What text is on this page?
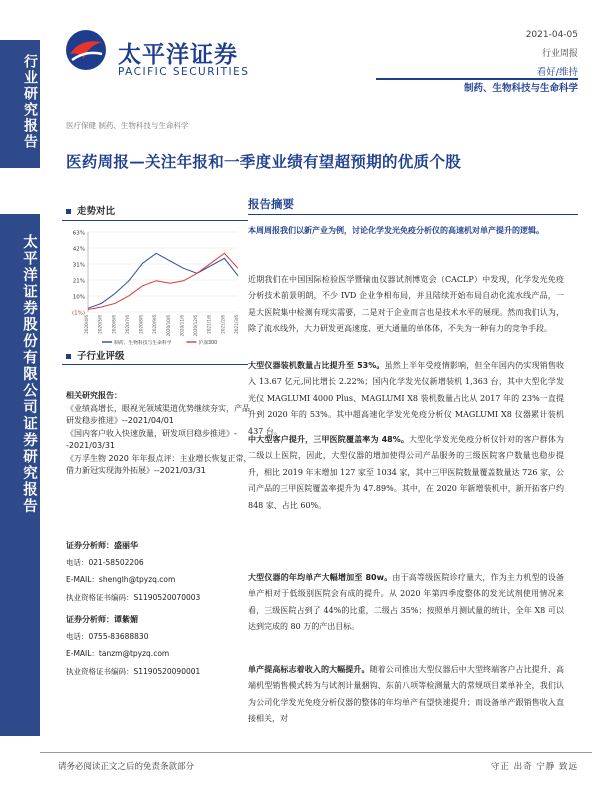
行业研究报告
太平洋证券股份有限公司证券研究报告
太平洋证券
PACIFIC SECURITIES
2021-04-05
行业周报
看好/维持
制药、生物科技与生命科学
医疗保健 制药、生物科技与生命科学
医药周报—关注年报和一季度业绩有望超预期的优质个股
走势对比
63%
42%
31%
21%
10%
(1%)
2020/4/6 2020/5/6 2020/6/6 2020/7/6 2020/8/6 2020/9/6 2020/10/6 2020/11/6 2020/12/6 2021/1/6 2021/2/6 2021/3/6
制药、生物科技与生命科学	沪深300
子行业评级
相关研究报告：
《业绩高增长，眼视光领域渠道优势继续夯实，产品研发稳步推进》--2021/04/01
《国内客户收入快速放量，研发项目稳步推进》--2021/03/31
《万孚生物 2020 年年报点评：主业增长恢复正常，借力新冠实现海外拓展》--2021/03/31
证券分析师：盛丽华
电话：021-58502206
E-MAIL：shenglh@tpyzq.com
执业资格证书编码：S1190520070003
证券分析师：谭紫媚
电话：0755-83688830
E-MAIL：tanzm@tpyzq.com
执业资格证书编码：S1190520090001
报告摘要
本周周报我们以新产业为例，讨论化学发光免疫分析仪的高速机对单产提升的逻辑。
近期我们在中国国际检验医学暨输血仪器试剂博览会（CACLP）中发现，化学发光免疫分析技术前景明朗，不少 IVD 企业争相布局，并且陆续开始布局自动化流水线产品，一是大医院集中检测有现实需要，二是对于企业而言也是技术水平的展现。然而我们认为，除了流水线外，大力研发更高速度、更大通量的单体体，不失为一种有力的竞争手段。
大型仪器装机数量占比提升至 53%。虽然上半年受疫情影响，但全年国内仍实现销售收入 13.67 亿元,同比增长 2.22%；国内化学发光仪新增装机 1,363 台，其中大型化学发光仪 MAGLUMI 4000 Plus、MAGLUMI X8 装机数量占比从 2017 年的 23%一直提升到 2020 年的 53%。其中超高速化学发光免疫分析仪 MAGLUMI X8 仪器累计装机 437 台。
中大型客户提升，三甲医院覆盖率为 48%。大型化学发光免疫分析仪针对的客户群体为二级以上医院，因此，大型仪器的增加使得公司产品服务的三级医院客户数量也稳步提升，相比 2019 年末增加 127 家至 1034 家，其中三甲医院数量覆盖数量达 726 家，公司产品的三甲医院覆盖率提升为 47.89%。其中，在 2020 年新增装机中，新开拓客户约 848 家、占比 60%。
大型仪器的年均单产大幅增加至 80w。由于高等级医院诊疗量大，作为主力机型的设备单产相对于低级别医院会有成的提升。从 2020 年第四季度整体的发光试剂使用情况来看，三级医院占到了 44%的比重，二级占 35%；按照单月测试量的统计，全年 X8 可以达到完成的 80 万的产出目标。
单产提高标志着收入的大幅提升。随着公司推出大型仪器后中大型终端客户占比提升、高端机型销售模式转为与试剂计量捆钩、东前八项等检测量大的常规项目菜单补全，我们认为公司化学发光免疫分析仪器的整体的年均单产有望快速提升；而设备单产跟销售收入直接相关，对
请务必阅读正文之后的免责条款部分	守正 出奇 宁静 致远
